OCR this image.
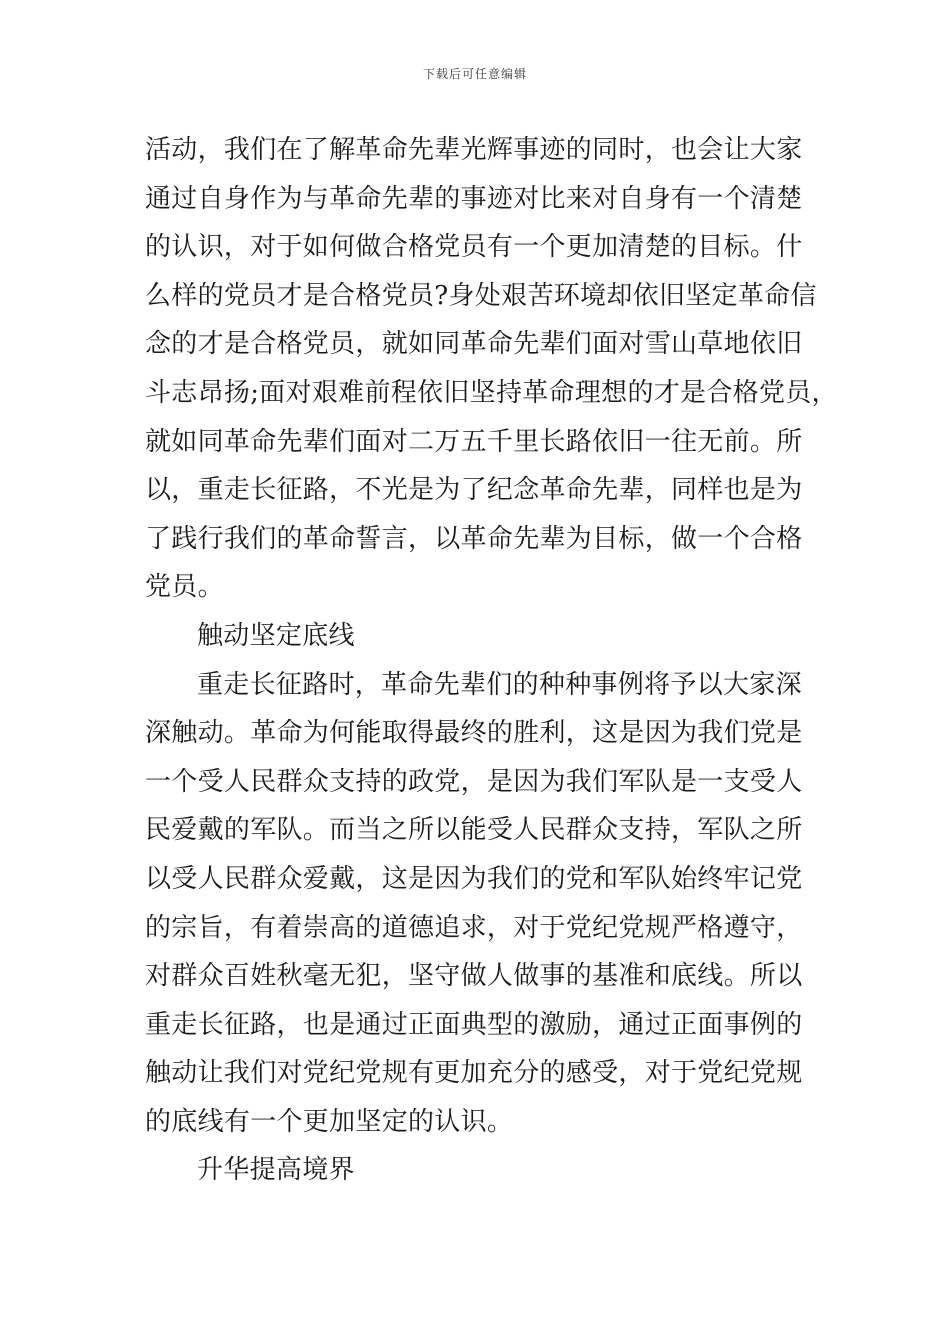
下载后可任意编辑
活动，我们在了解革命先辈光辉事迹的同时，也会让大家
通过自身作为与革命先辈的事迹对比来对自身有一个清楚
的认识，对于如何做合格党员有一个更加清楚的目标。什
么样的党员才是合格党员?身处艰苦环境却依旧坚定革命信
念的才是合格党员，就如同革命先辈们面对雪山草地依旧
斗志昂扬;面对艰难前程依旧坚持革命理想的才是合格党员，
就如同革命先辈们面对二万五千里长路依旧一往无前。所
以，重走长征路，不光是为了纪念革命先辈，同样也是为
了践行我们的革命誓言，以革命先辈为目标，做一个合格
党员。
触动坚定底线
重走长征路时，革命先辈们的种种事例将予以大家深
深触动。革命为何能取得最终的胜利，这是因为我们党是
一个受人民群众支持的政党，是因为我们军队是一支受人
民爱戴的军队。而当之所以能受人民群众支持，军队之所
以受人民群众爱戴，这是因为我们的党和军队始终牢记党
的宗旨，有着崇高的道德追求，对于党纪党规严格遵守，
对群众百姓秋毫无犯，坚守做人做事的基准和底线。所以
重走长征路，也是通过正面典型的激励，通过正面事例的
触动让我们对党纪党规有更加充分的感受，对于党纪党规
的底线有一个更加坚定的认识。
升华提高境界
